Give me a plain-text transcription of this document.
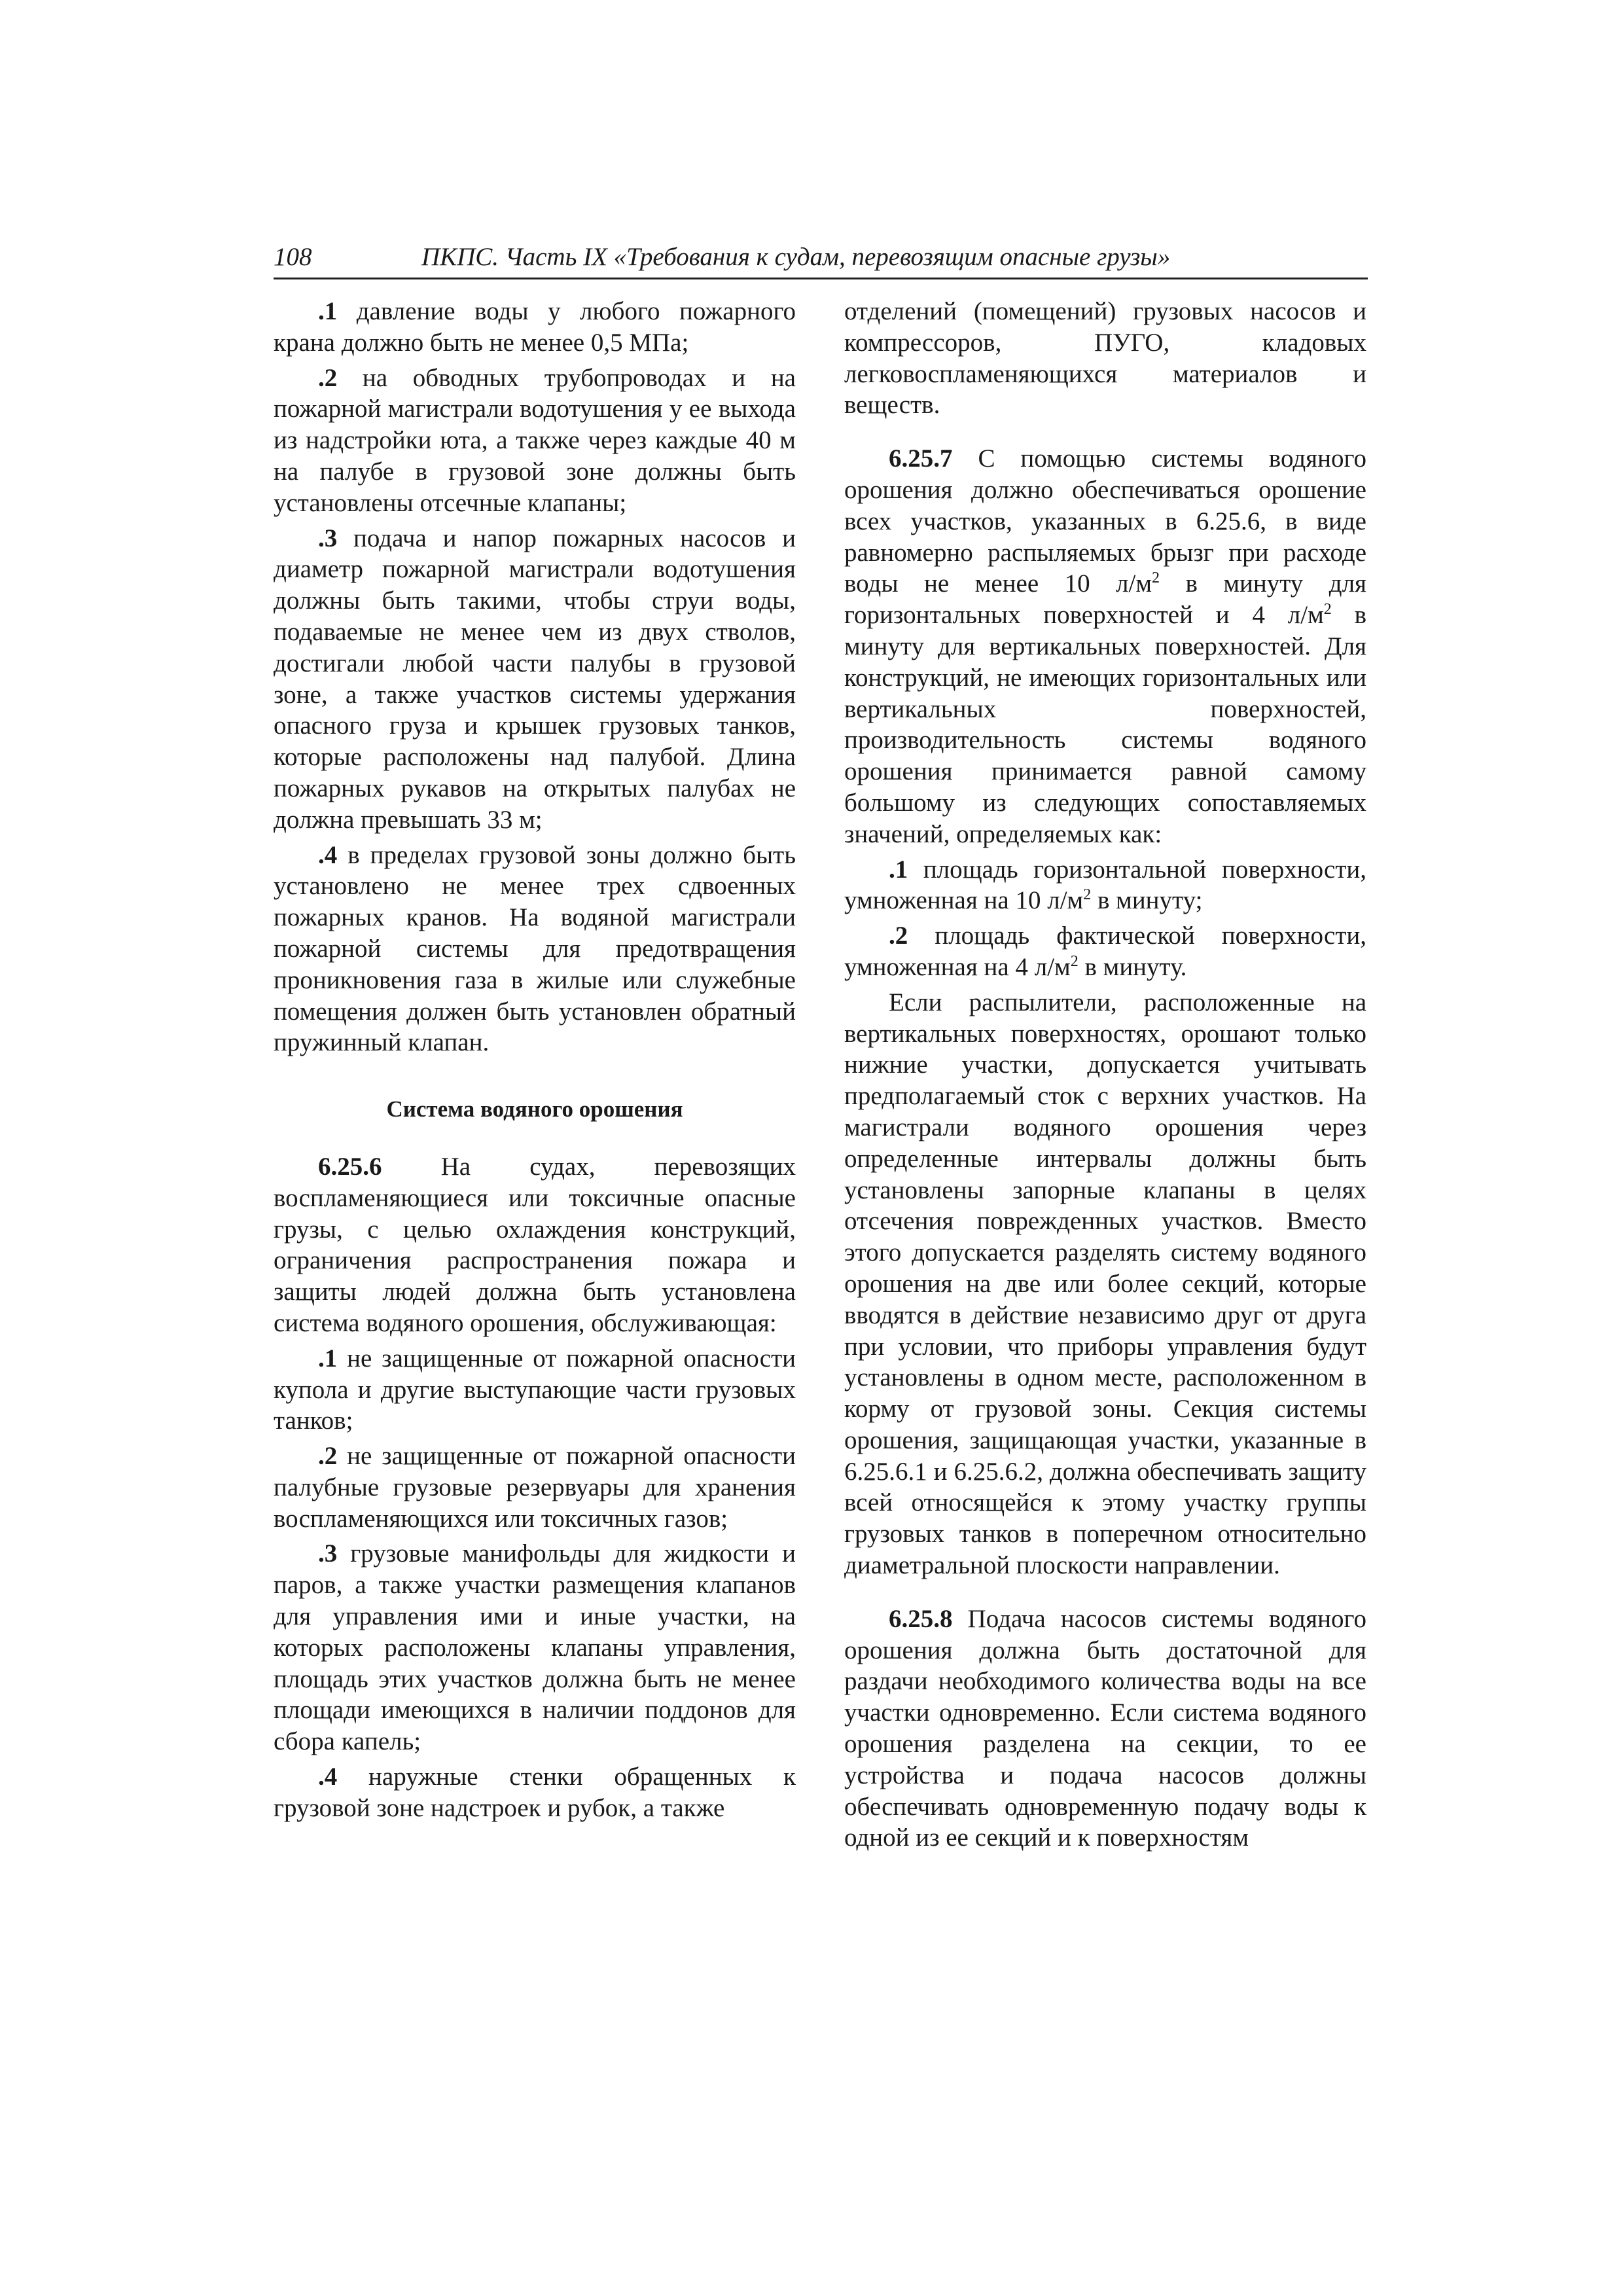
108	ПКПС. Часть IX «Требования к судам, перевозящим опасные грузы»

.1 давление воды у любого пожарного крана должно быть не менее 0,5 МПа;

.2 на обводных трубопроводах и на пожарной магистрали водотушения у ее выхода из надстройки юта, а также через каждые 40 м на палубе в грузовой зоне должны быть установлены отсечные клапаны;

.3 подача и напор пожарных насосов и диаметр пожарной магистрали водотушения должны быть такими, чтобы струи воды, подаваемые не менее чем из двух стволов, достигали любой части палубы в грузовой зоне, а также участков системы удержания опасного груза и крышек грузовых танков, которые расположены над палубой. Длина пожарных рукавов на открытых палубах не должна превышать 33 м;

.4 в пределах грузовой зоны должно быть установлено не менее трех сдвоенных пожарных кранов. На водяной магистрали пожарной системы для предотвращения проникновения газа в жилые или служебные помещения должен быть установлен обратный пружинный клапан.

Система водяного орошения

6.25.6 На судах, перевозящих воспламеняющиеся или токсичные опасные грузы, с целью охлаждения конструкций, ограничения распространения пожара и защиты людей должна быть установлена система водяного орошения, обслуживающая:

.1 не защищенные от пожарной опасности купола и другие выступающие части грузовых танков;

.2 не защищенные от пожарной опасности палубные грузовые резервуары для хранения воспламеняющихся или токсичных газов;

.3 грузовые манифольды для жидкости и паров, а также участки размещения клапанов для управления ими и иные участки, на которых расположены клапаны управления, площадь этих участков должна быть не менее площади имеющихся в наличии поддонов для сбора капель;

.4 наружные стенки обращенных к грузовой зоне надстроек и рубок, а также

отделений (помещений) грузовых насосов и компрессоров, ПУГО, кладовых легковоспламеняющихся материалов и веществ.

6.25.7 С помощью системы водяного орошения должно обеспечиваться орошение всех участков, указанных в 6.25.6, в виде равномерно распыляемых брызг при расходе воды не менее 10 $л/м^2$ в минуту для горизонтальных поверхностей и 4 $л/м^2$ в минуту для вертикальных поверхностей. Для конструкций, не имеющих горизонтальных или вертикальных поверхностей, производительность системы водяного орошения принимается равной самому большому из следующих сопоставляемых значений, определяемых как:

.1 площадь горизонтальной поверхности, умноженная на 10 $л/м^2$ в минуту;

.2 площадь фактической поверхности, умноженная на 4 $л/м^2$ в минуту.

Если распылители, расположенные на вертикальных поверхностях, орошают только нижние участки, допускается учитывать предполагаемый сток с верхних участков. На магистрали водяного орошения через определенные интервалы должны быть установлены запорные клапаны в целях отсечения поврежденных участков. Вместо этого допускается разделять систему водяного орошения на две или более секций, которые вводятся в действие независимо друг от друга при условии, что приборы управления будут установлены в одном месте, расположенном в корму от грузовой зоны. Секция системы орошения, защищающая участки, указанные в 6.25.6.1 и 6.25.6.2, должна обеспечивать защиту всей относящейся к этому участку группы грузовых танков в поперечном относительно диаметральной плоскости направлении.

6.25.8 Подача насосов системы водяного орошения должна быть достаточной для раздачи необходимого количества воды на все участки одновременно. Если система водяного орошения разделена на секции, то ее устройства и подача насосов должны обеспечивать одновременную подачу воды к одной из ее секций и к поверхностям
